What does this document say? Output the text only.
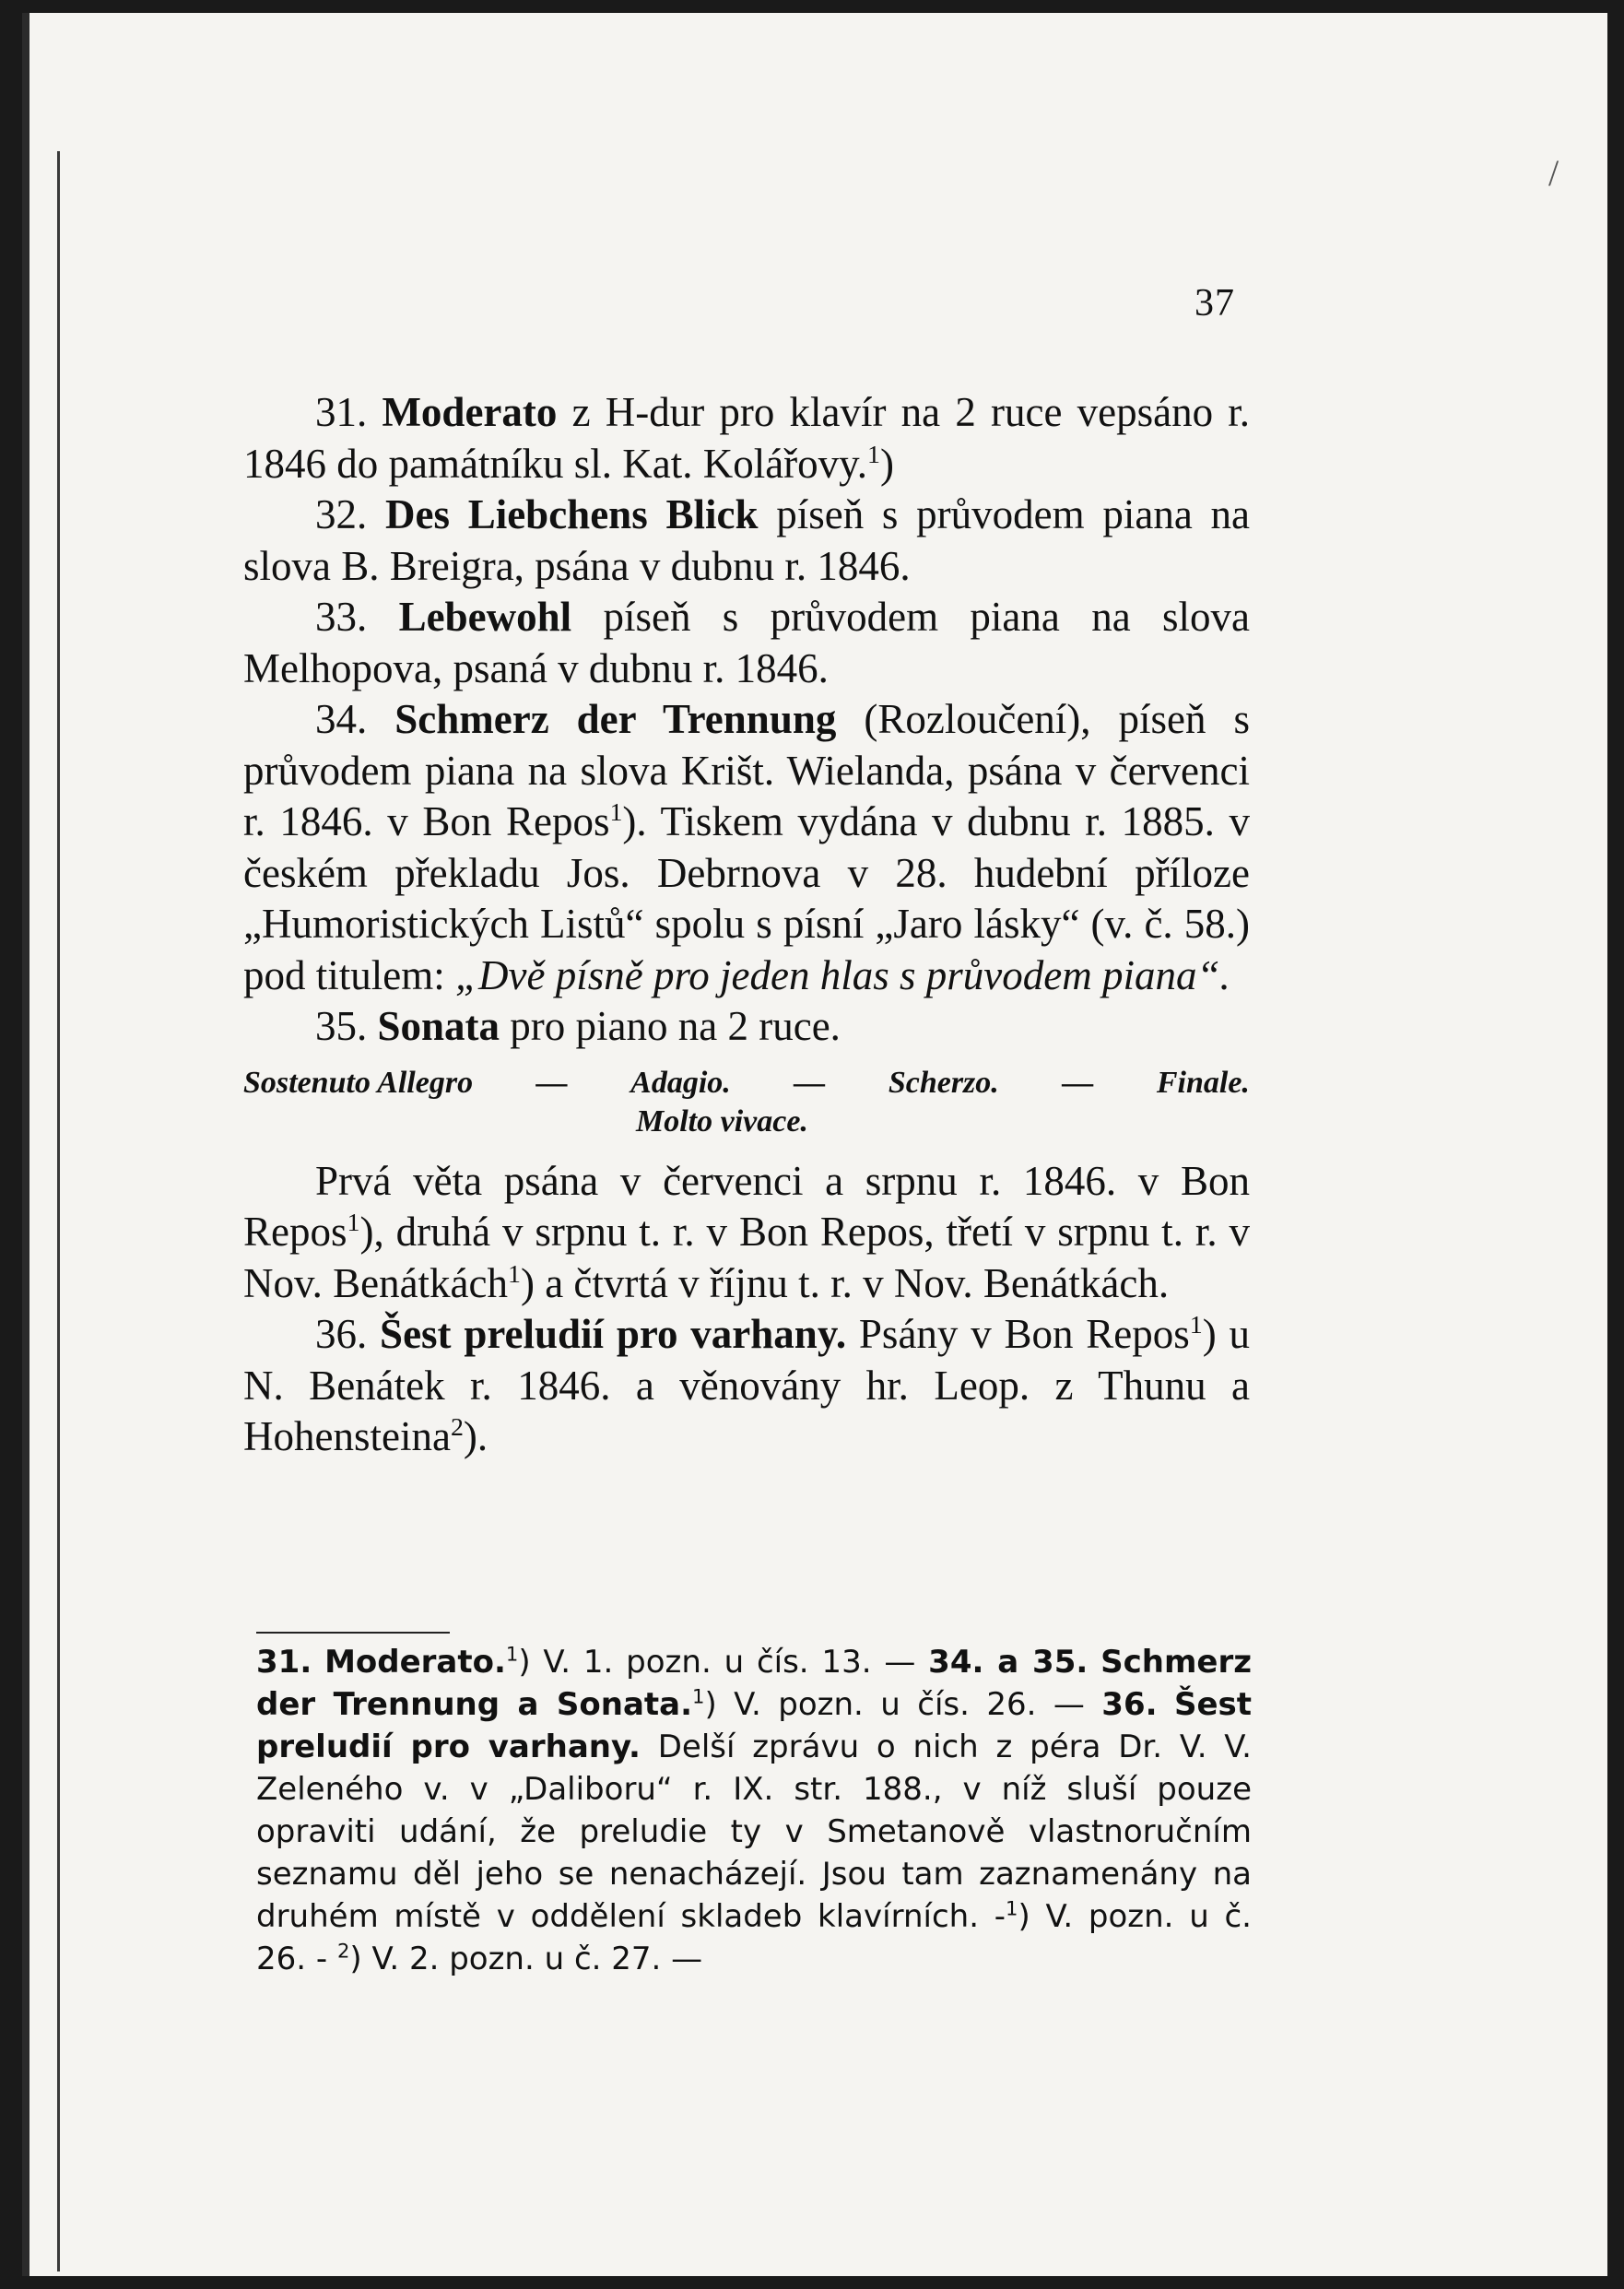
/
37

31. Moderato z H-dur pro klavír na 2 ruce vepsáno r. 1846 do památníku sl. Kat. Kolářovy.$^1$)

32. Des Liebchens Blick píseň s průvodem piana na slova B. Breigra, psána v dubnu r. 1846.

33. Lebewohl píseň s průvodem piana na slova Melhopova, psaná v dubnu r. 1846.

34. Schmerz der Trennung (Rozloučení), píseň s průvodem piana na slova Krišt. Wielanda, psána v červenci r. 1846. v Bon Repos$^1$). Tiskem vydána v dubnu r. 1885. v českém překladu Jos. Debrnova v 28. hudební příloze „Humoristických Listů“ spolu s písní „Jaro lásky“ (v. č. 58.) pod titulem: „Dvě písně pro jeden hlas s průvodem piana“.

35. Sonata pro piano na 2 ruce.

Sostenuto Allegro — Adagio. — Scherzo. — Finale.
Molto vivace.

Prvá věta psána v červenci a srpnu r. 1846. v Bon Repos$^1$), druhá v srpnu t. r. v Bon Repos, třetí v srpnu t. r. v Nov. Benátkách$^1$) a čtvrtá v říjnu t. r. v Nov. Benátkách.

36. Šest preludií pro varhany. Psány v Bon Repos$^1$) u N. Benátek r. 1846. a věnovány hr. Leop. z Thunu a Hohensteina$^2$).

31. Moderato.$^1$) V. 1. pozn. u čís. 13. — 34. a 35. Schmerz der Trennung a Sonata.$^1$) V. pozn. u čís. 26. — 36. Šest preludií pro varhany. Delší zprávu o nich z péra Dr. V. V. Zeleného v. v „Daliboru“ r. IX. str. 188., v níž sluší pouze opraviti udání, že preludie ty v Smetanově vlastnoručním seznamu děl jeho se nenacházejí. Jsou tam zaznamenány na druhém místě v oddělení skladeb klavírních. -$^1$) V. pozn. u č. 26. - $^2$) V. 2. pozn. u č. 27. —
